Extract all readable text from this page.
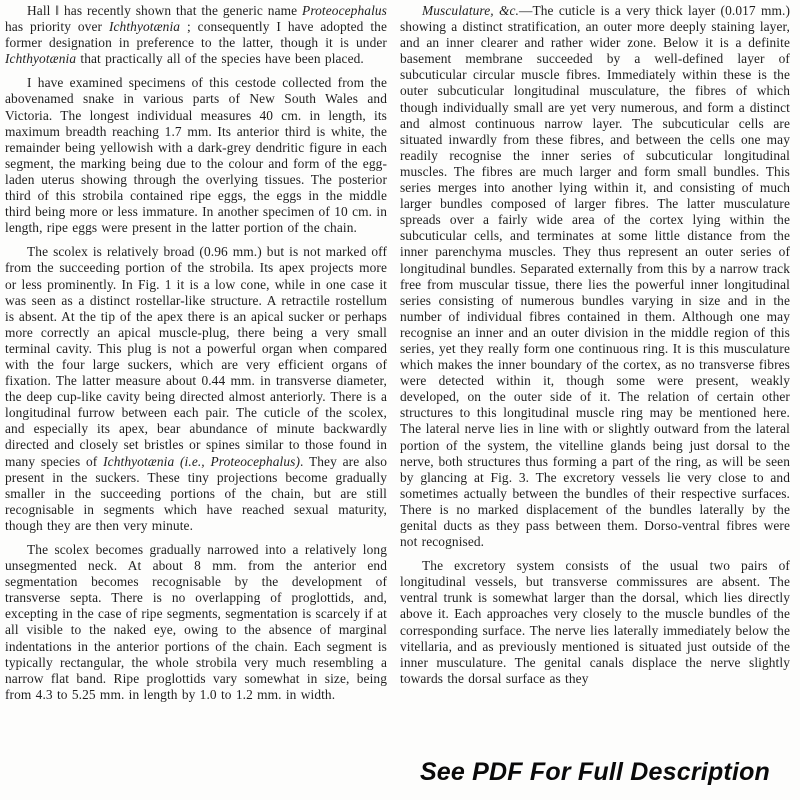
Hall ‖ has recently shown that the generic name Proteocephalus has priority over Ichthyotænia ; consequently I have adopted the former designation in preference to the latter, though it is under Ichthyotænia that practically all of the species have been placed.

I have examined specimens of this cestode collected from the abovenamed snake in various parts of New South Wales and Victoria. The longest individual measures 40 cm. in length, its maximum breadth reaching 1.7 mm. Its anterior third is white, the remainder being yellowish with a dark-grey dendritic figure in each segment, the marking being due to the colour and form of the egg-laden uterus showing through the overlying tissues. The posterior third of this strobila contained ripe eggs, the eggs in the middle third being more or less immature. In another specimen of 10 cm. in length, ripe eggs were present in the latter portion of the chain.

The scolex is relatively broad (0.96 mm.) but is not marked off from the succeeding portion of the strobila. Its apex projects more or less prominently. In Fig. 1 it is a low cone, while in one case it was seen as a distinct rostellar-like structure. A retractile rostellum is absent. At the tip of the apex there is an apical sucker or perhaps more correctly an apical muscle-plug, there being a very small terminal cavity. This plug is not a powerful organ when compared with the four large suckers, which are very efficient organs of fixation. The latter measure about 0.44 mm. in transverse diameter, the deep cup-like cavity being directed almost anteriorly. There is a longitudinal furrow between each pair. The cuticle of the scolex, and especially its apex, bear abundance of minute backwardly directed and closely set bristles or spines similar to those found in many species of Ichthyotænia (i.e., Proteocephalus). They are also present in the suckers. These tiny projections become gradually smaller in the succeeding portions of the chain, but are still recognisable in segments which have reached sexual maturity, though they are then very minute.

The scolex becomes gradually narrowed into a relatively long unsegmented neck. At about 8 mm. from the anterior end segmentation becomes recognisable by the development of transverse septa. There is no overlapping of proglottids, and, excepting in the case of ripe segments, segmentation is scarcely if at all visible to the naked eye, owing to the absence of marginal indentations in the anterior portions of the chain. Each segment is typically rectangular, the whole strobila very much resembling a narrow flat band. Ripe proglottids vary somewhat in size, being from 4.3 to 5.25 mm. in length by 1.0 to 1.2 mm. in width.

Musculature, &c.—The cuticle is a very thick layer (0.017 mm.) showing a distinct stratification, an outer more deeply staining layer, and an inner clearer and rather wider zone. Below it is a definite basement membrane succeeded by a well-defined layer of subcuticular circular muscle fibres. Immediately within these is the outer subcuticular longitudinal musculature, the fibres of which though individually small are yet very numerous, and form a distinct and almost continuous narrow layer. The subcuticular cells are situated inwardly from these fibres, and between the cells one may readily recognise the inner series of subcuticular longitudinal muscles. The fibres are much larger and form small bundles. This series merges into another lying within it, and consisting of much larger bundles composed of larger fibres. The latter musculature spreads over a fairly wide area of the cortex lying within the subcuticular cells, and terminates at some little distance from the inner parenchyma muscles. They thus represent an outer series of longitudinal bundles. Separated externally from this by a narrow track free from muscular tissue, there lies the powerful inner longitudinal series consisting of numerous bundles varying in size and in the number of individual fibres contained in them. Although one may recognise an inner and an outer division in the middle region of this series, yet they really form one continuous ring. It is this musculature which makes the inner boundary of the cortex, as no transverse fibres were detected within it, though some were present, weakly developed, on the outer side of it. The relation of certain other structures to this longitudinal muscle ring may be mentioned here. The lateral nerve lies in line with or slightly outward from the lateral portion of the system, the vitelline glands being just dorsal to the nerve, both structures thus forming a part of the ring, as will be seen by glancing at Fig. 3. The excretory vessels lie very close to and sometimes actually between the bundles of their respective surfaces. There is no marked displacement of the bundles laterally by the genital ducts as they pass between them. Dorso-ventral fibres were not recognised.

The excretory system consists of the usual two pairs of longitudinal vessels, but transverse commissures are absent. The ventral trunk is somewhat larger than the dorsal, which lies directly above it. Each approaches very closely to the muscle bundles of the corresponding surface. The nerve lies laterally immediately below the vitellaria, and as previously mentioned is situated just outside of the inner musculature. The genital canals displace the nerve slightly towards the dorsal surface as they

See PDF For Full Description
